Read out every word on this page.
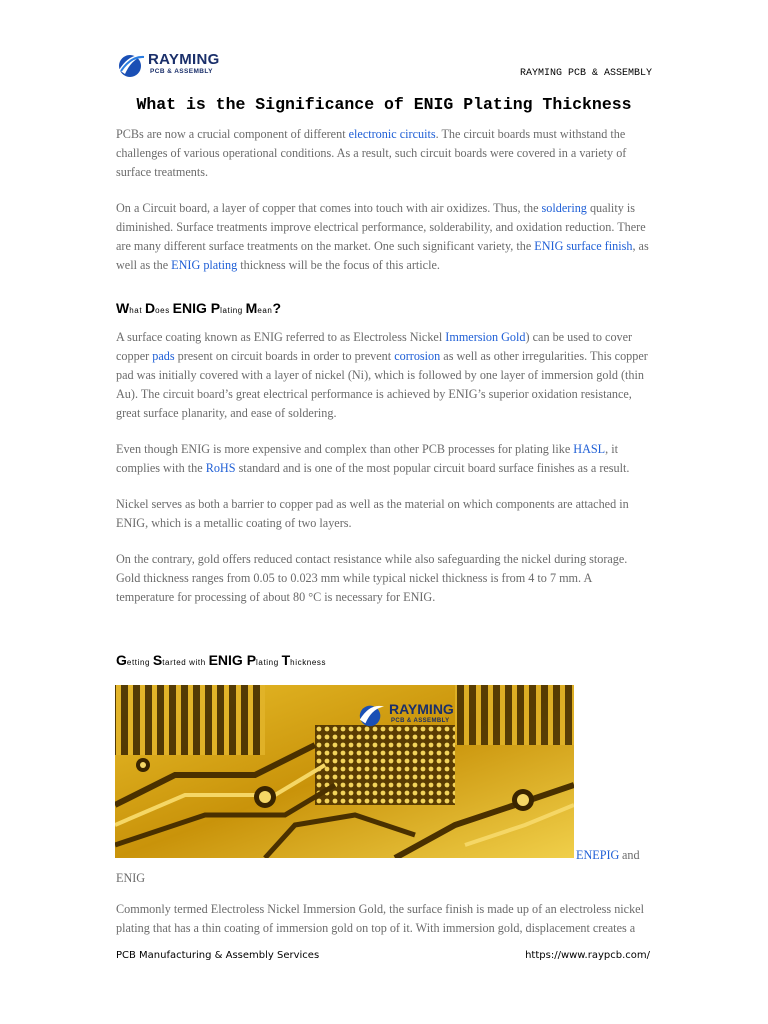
RAYMING
PCB & ASSEMBLY	RAYMING PCB & ASSEMBLY
What is the Significance of ENIG Plating Thickness

PCBs are now a crucial component of different electronic circuits. The circuit boards must withstand the challenges of various operational conditions. As a result, such circuit boards were covered in a variety of surface treatments.

On a Circuit board, a layer of copper that comes into touch with air oxidizes. Thus, the soldering quality is diminished. Surface treatments improve electrical performance, solderability, and oxidation reduction. There are many different surface treatments on the market. One such significant variety, the ENIG surface finish, as well as the ENIG plating thickness will be the focus of this article.

What Does ENIG Plating Mean?

A surface coating known as ENIG referred to as Electroless Nickel Immersion Gold) can be used to cover copper pads present on circuit boards in order to prevent corrosion as well as other irregularities. This copper pad was initially covered with a layer of nickel (Ni), which is followed by one layer of immersion gold (thin Au). The circuit board’s great electrical performance is achieved by ENIG’s superior oxidation resistance, great surface planarity, and ease of soldering.

Even though ENIG is more expensive and complex than other PCB processes for plating like HASL, it complies with the RoHS standard and is one of the most popular circuit board surface finishes as a result.

Nickel serves as both a barrier to copper pad as well as the material on which components are attached in ENIG, which is a metallic coating of two layers.

On the contrary, gold offers reduced contact resistance while also safeguarding the nickel during storage. Gold thickness ranges from 0.05 to 0.023 mm while typical nickel thickness is from 4 to 7 mm. A temperature for processing of about 80 °C is necessary for ENIG.

Getting Started with ENIG Plating Thickness
RAYMING
PCB & ASSEMBLY
ENEPIG and
ENIG

Commonly termed Electroless Nickel Immersion Gold, the surface finish is made up of an electroless nickel plating that has a thin coating of immersion gold on top of it. With immersion gold, displacement creates a

PCB Manufacturing & Assembly Services	https://www.raypcb.com/
